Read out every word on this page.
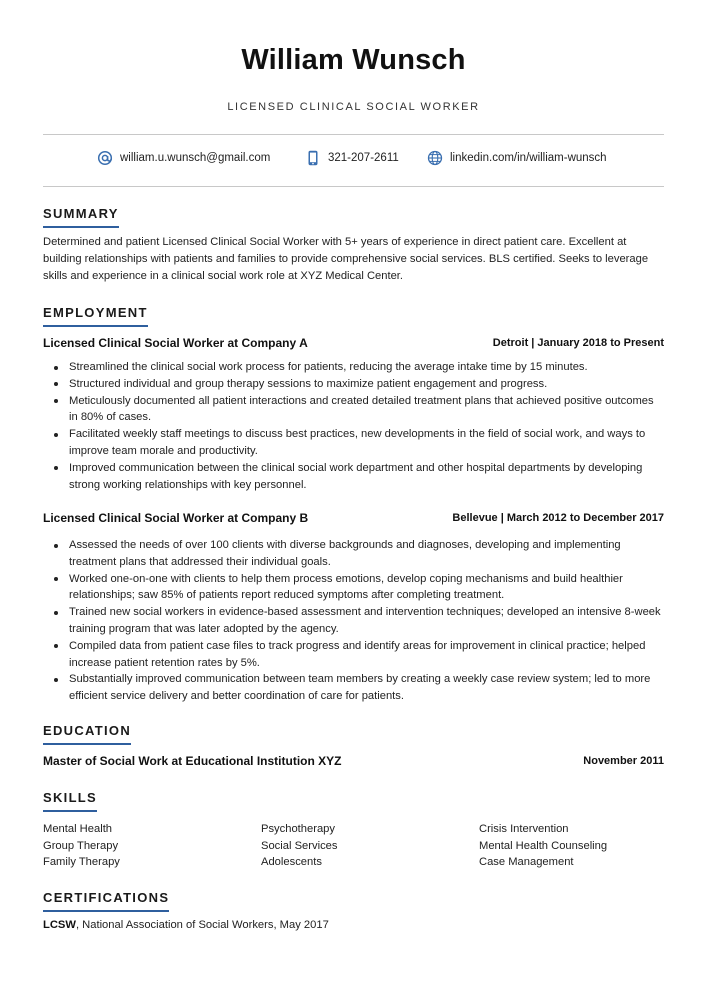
William Wunsch
LICENSED CLINICAL SOCIAL WORKER
william.u.wunsch@gmail.com	321-207-2611	linkedin.com/in/william-wunsch
SUMMARY
Determined and patient Licensed Clinical Social Worker with 5+ years of experience in direct patient care. Excellent at building relationships with patients and families to provide comprehensive social services. BLS certified. Seeks to leverage skills and experience in a clinical social work role at XYZ Medical Center.
EMPLOYMENT
Licensed Clinical Social Worker at Company A	Detroit | January 2018 to Present
Streamlined the clinical social work process for patients, reducing the average intake time by 15 minutes.
Structured individual and group therapy sessions to maximize patient engagement and progress.
Meticulously documented all patient interactions and created detailed treatment plans that achieved positive outcomes in 80% of cases.
Facilitated weekly staff meetings to discuss best practices, new developments in the field of social work, and ways to improve team morale and productivity.
Improved communication between the clinical social work department and other hospital departments by developing strong working relationships with key personnel.
Licensed Clinical Social Worker at Company B	Bellevue | March 2012 to December 2017
Assessed the needs of over 100 clients with diverse backgrounds and diagnoses, developing and implementing treatment plans that addressed their individual goals.
Worked one-on-one with clients to help them process emotions, develop coping mechanisms and build healthier relationships; saw 85% of patients report reduced symptoms after completing treatment.
Trained new social workers in evidence-based assessment and intervention techniques; developed an intensive 8-week training program that was later adopted by the agency.
Compiled data from patient case files to track progress and identify areas for improvement in clinical practice; helped increase patient retention rates by 5%.
Substantially improved communication between team members by creating a weekly case review system; led to more efficient service delivery and better coordination of care for patients.
EDUCATION
Master of Social Work at Educational Institution XYZ	November 2011
SKILLS
Mental Health	Psychotherapy	Crisis Intervention
Group Therapy	Social Services	Mental Health Counseling
Family Therapy	Adolescents	Case Management
CERTIFICATIONS
LCSW, National Association of Social Workers, May 2017
